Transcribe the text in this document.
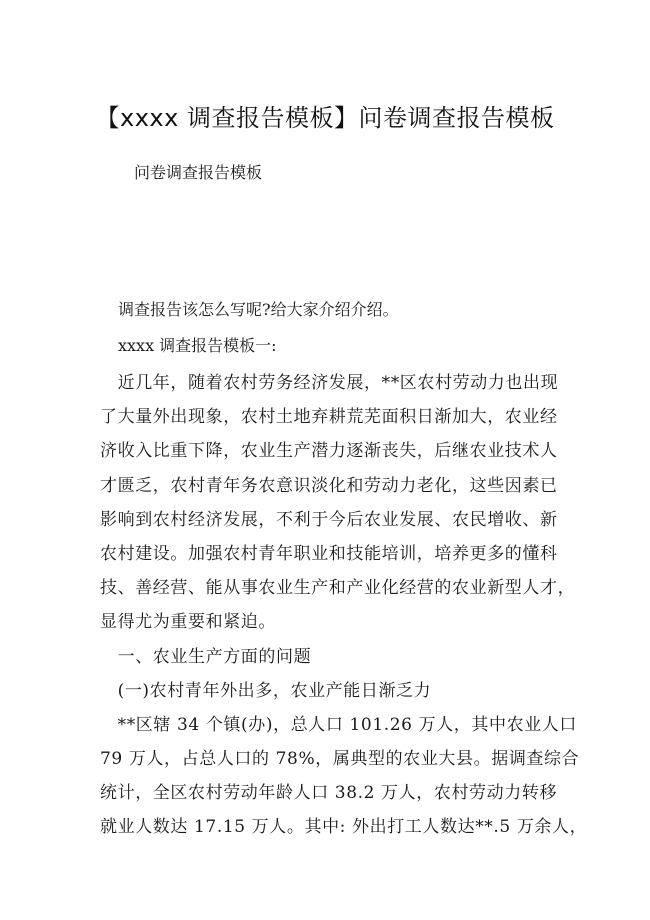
【xxxx 调查报告模板】问卷调查报告模板
问卷调查报告模板
调查报告该怎么写呢?给大家介绍介绍。
xxxx 调查报告模板一:
　近几年，随着农村劳务经济发展，**区农村劳动力也出现
了大量外出现象，农村土地弃耕荒芜面积日渐加大，农业经
济收入比重下降，农业生产潜力逐渐丧失，后继农业技术人
才匮乏，农村青年务农意识淡化和劳动力老化，这些因素已
影响到农村经济发展，不利于今后农业发展、农民增收、新
农村建设。加强农村青年职业和技能培训，培养更多的懂科
技、善经营、能从事农业生产和产业化经营的农业新型人才，
显得尤为重要和紧迫。
　一、农业生产方面的问题
　(一)农村青年外出多，农业产能日渐乏力
　**区辖 34 个镇(办)，总人口 101.26 万人，其中农业人口
79 万人，占总人口的 78%，属典型的农业大县。据调查综合
统计，全区农村劳动年龄人口 38.2 万人，农村劳动力转移
就业人数达 17.15 万人。其中: 外出打工人数达**.5 万余人，
